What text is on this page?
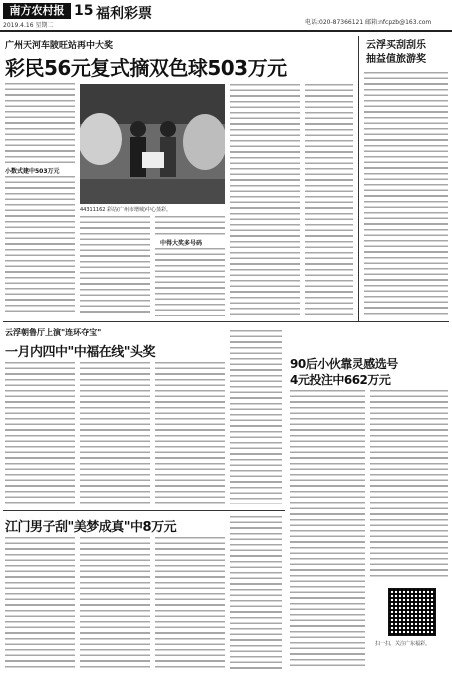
南方农村报 15 福利彩票
2019.4.16 星期二	电话:020-87366121 邮箱:nfcpzb@163.com
广州天河车陂旺站再中大奖
彩民56元复式摘双色球503万元
小数式建中503万元
44311162 彩站(广州市增城)中心蒸彩。
中得大奖多号码
云浮买刮刮乐
抽益值旅游奖
云浮朝鲁厅上演"连环夺宝"
一月内四中"中福在线"头奖
90后小伙靠灵感选号
4元投注中662万元
江门男子刮"美梦成真"中8万元
扫一扫，关注广东福彩。
